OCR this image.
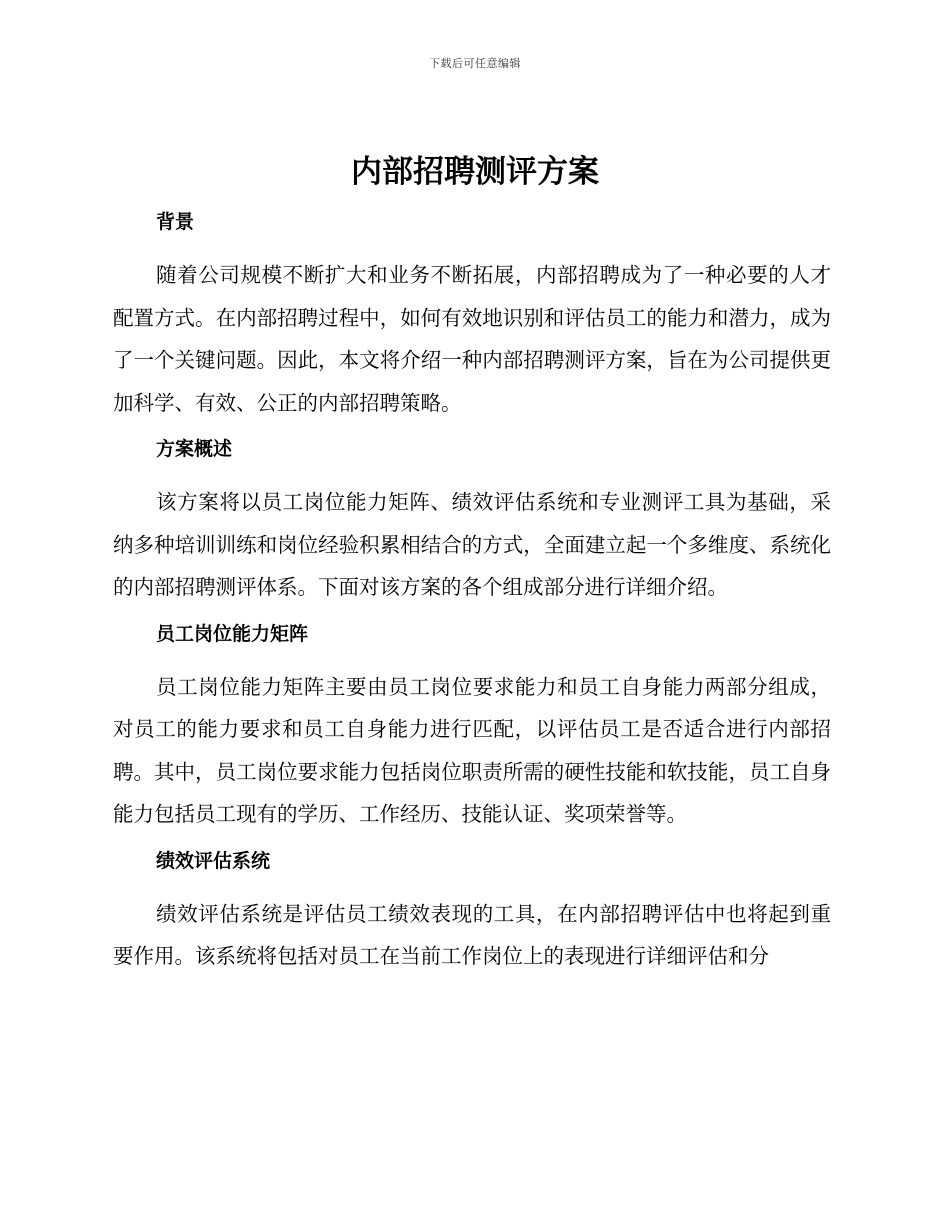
下载后可任意编辑
内部招聘测评方案
背景

随着公司规模不断扩大和业务不断拓展，内部招聘成为了一种必要的人才配置方式。在内部招聘过程中，如何有效地识别和评估员工的能力和潜力，成为了一个关键问题。因此，本文将介绍一种内部招聘测评方案，旨在为公司提供更加科学、有效、公正的内部招聘策略。

方案概述

该方案将以员工岗位能力矩阵、绩效评估系统和专业测评工具为基础，采纳多种培训训练和岗位经验积累相结合的方式，全面建立起一个多维度、系统化的内部招聘测评体系。下面对该方案的各个组成部分进行详细介绍。

员工岗位能力矩阵

员工岗位能力矩阵主要由员工岗位要求能力和员工自身能力两部分组成，对员工的能力要求和员工自身能力进行匹配，以评估员工是否适合进行内部招聘。其中，员工岗位要求能力包括岗位职责所需的硬性技能和软技能，员工自身能力包括员工现有的学历、工作经历、技能认证、奖项荣誉等。

绩效评估系统

绩效评估系统是评估员工绩效表现的工具，在内部招聘评估中也将起到重要作用。该系统将包括对员工在当前工作岗位上的表现进行详细评估和分
